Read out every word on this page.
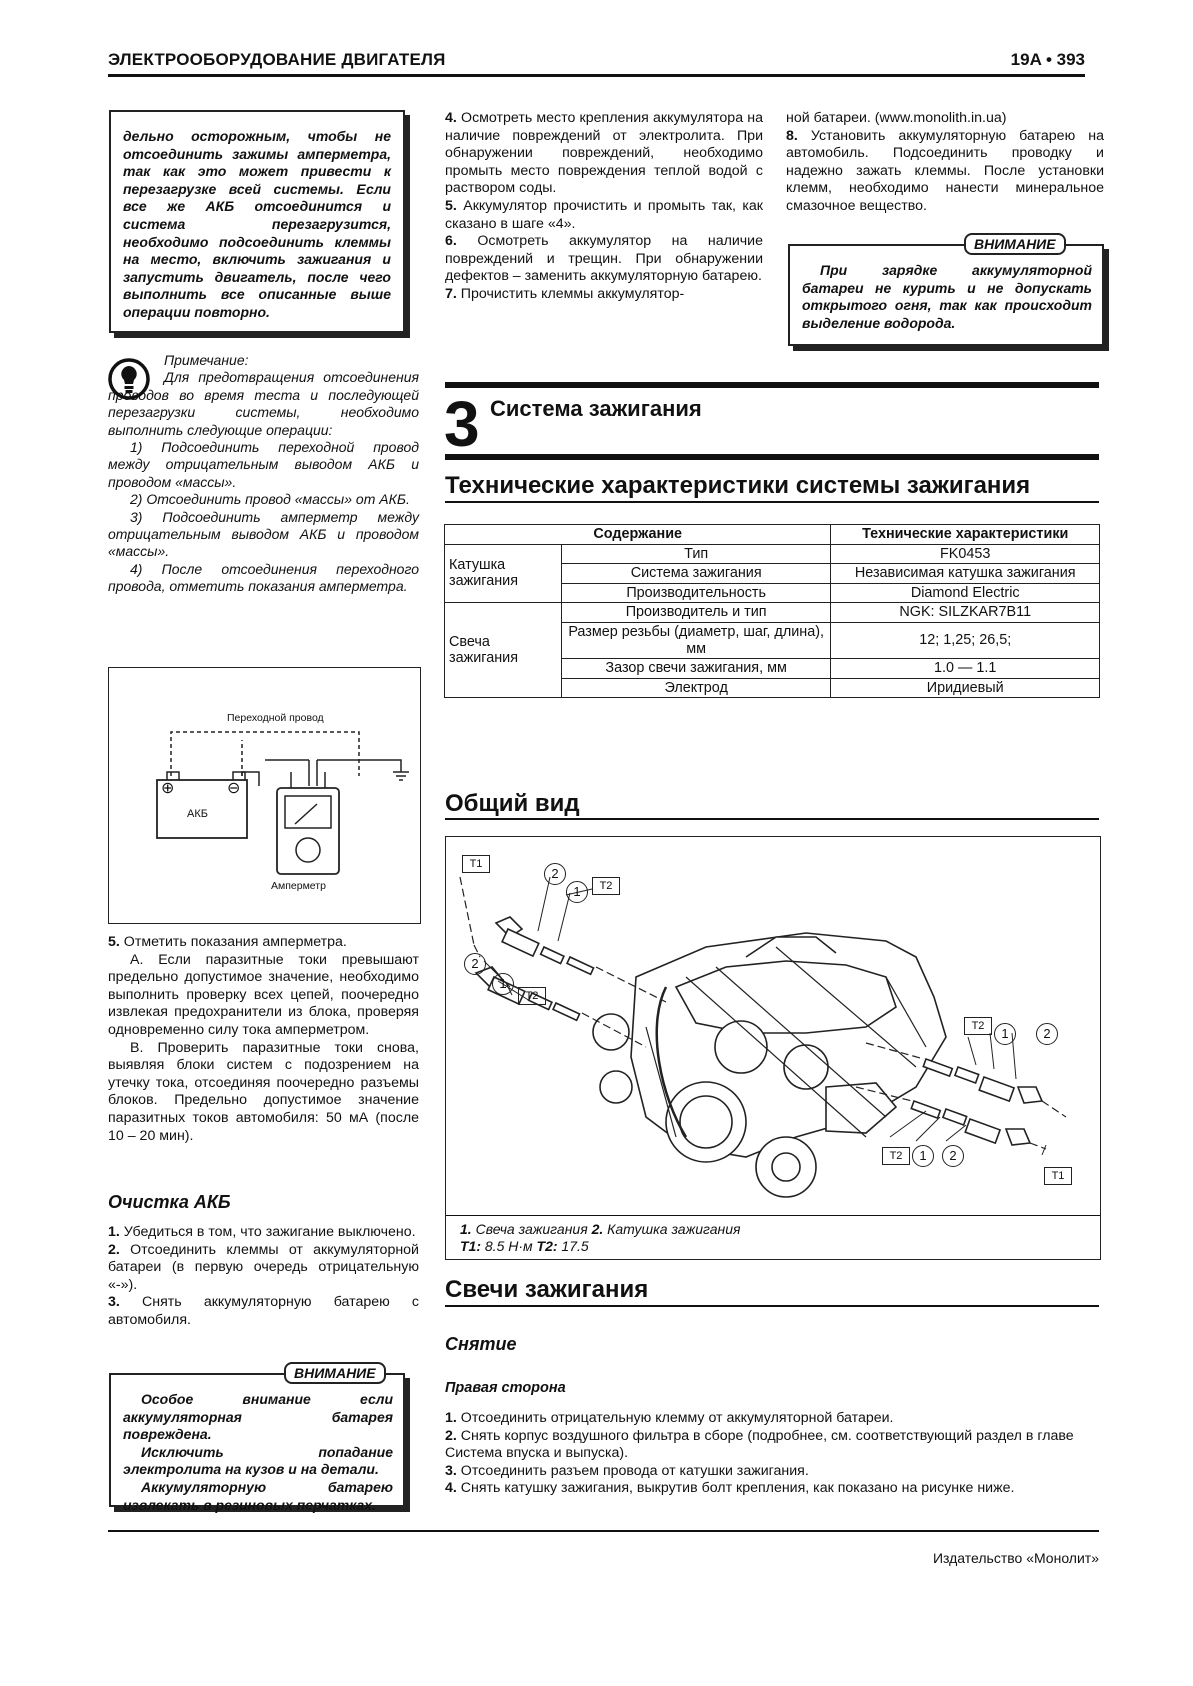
ЭЛЕКТРООБОРУДОВАНИЕ ДВИГАТЕЛЯ	19A • 393
дельно осторожным, чтобы не отсоединить зажимы амперметра, так как это может привести к перезагрузке всей системы. Если все же АКБ отсоединится и система перезагрузится, необходимо подсоединить клеммы на место, включить зажигания и запустить двигатель, после чего выполнить все описанные выше операции повторно.
Примечание:
Для предотвращения отсоединения проводов во время теста и последующей перезагрузки системы, необходимо выполнить следующие операции:
1) Подсоединить переходной провод между отрицательным выводом АКБ и проводом «массы».
2) Отсоединить провод «массы» от АКБ.
3) Подсоединить амперметр между отрицательным выводом АКБ и проводом «массы».
4) После отсоединения переходного провода, отметить показания амперметра.
Переходной провод
⊕	⊖
АКБ
Амперметр

5. Отметить показания амперметра.

А. Если паразитные токи превышают предельно допустимое значение, необходимо выполнить проверку всех цепей, поочередно извлекая предохранители из блока, проверяя одновременно силу тока амперметром.

В. Проверить паразитные токи снова, выявляя блоки систем с подозрением на утечку тока, отсоединяя поочередно разъемы блоков. Предельно допустимое значение паразитных токов автомобиля: 50 мА (после 10 – 20 мин).

Очистка АКБ

1. Убедиться в том, что зажигание выключено.

2. Отсоединить клеммы от аккумуляторной батареи (в первую очередь отрицательную «-»).

3. Снять аккумуляторную батарею с автомобиля.

Особое внимание если аккумуляторная батарея повреждена.
Исключить попадание электролита на кузов и на детали.
Аккумуляторную батарею извлекать в резиновых перчатках.
ВНИМАНИЕ

4. Осмотреть место крепления аккумулятора на наличие повреждений от электролита. При обнаружении повреждений, необходимо промыть место повреждения теплой водой с раствором соды.

5. Аккумулятор прочистить и промыть так, как сказано в шаге «4».

6. Осмотреть аккумулятор на наличие повреждений и трещин. При обнаружении дефектов – заменить аккумуляторную батарею.

7. Прочистить клеммы аккумулятор-

ной батареи. (www.monolith.in.ua)

8. Установить аккумуляторную батарею на автомобиль. Подсоединить проводку и надежно зажать клеммы. После установки клемм, необходимо нанести минеральное смазочное вещество.

При зарядке аккумуляторной батареи не курить и не допускать открытого огня, так как происходит выделение водорода.
ВНИМАНИЕ
3 Система зажигания
Технические характеристики системы зажигания
Содержание		Технические характеристики
Катушка зажигания	Тип	FK0453
	Система зажигания	Независимая катушка зажигания
	Производительность	Diamond Electric
Свеча зажигания	Производитель и тип	NGK: SILZKAR7B11
	Размер резьбы (диаметр, шаг, длина), мм	12; 1,25; 26,5;
	Зазор свечи зажигания, мм	1.0 — 1.1
	Электрод	Иридиевый
Общий вид
T1
2
1	T2
2
1
T2
T2	1	2
T2	1	2
T1
1. Свеча зажигания 2. Катушка зажигания
T1: 8.5 Н·м T2: 17.5
Свечи зажигания
Снятие
Правая сторона

1. Отсоединить отрицательную клемму от аккумуляторной батареи.

2. Снять корпус воздушного фильтра в сборе (подробнее, см. соответствующий раздел в главе Система впуска и выпуска).

3. Отсоединить разъем провода от катушки зажигания.

4. Снять катушку зажигания, выкрутив болт крепления, как показано на рисунке ниже.

Издательство «Монолит»
